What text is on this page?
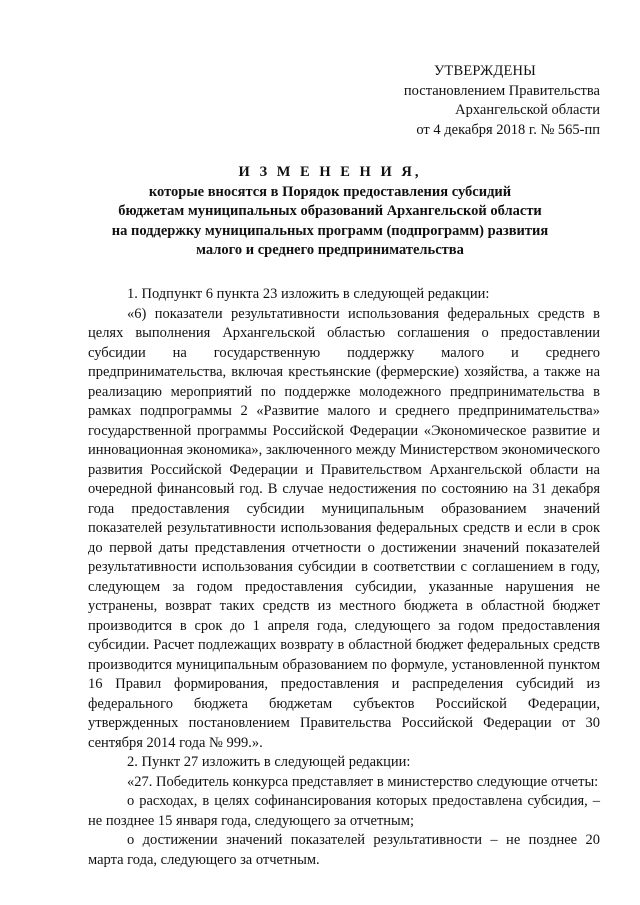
УТВЕРЖДЕНЫ
постановлением Правительства
Архангельской области
от 4 декабря 2018 г. № 565-пп
И З М Е Н Е Н И Я,
которые вносятся в Порядок предоставления субсидий
бюджетам муниципальных образований Архангельской области
на поддержку муниципальных программ (подпрограмм) развития
малого и среднего предпринимательства

1. Подпункт 6 пункта 23 изложить в следующей редакции:

«6) показатели результативности использования федеральных средств в целях выполнения Архангельской областью соглашения о предоставлении субсидии на государственную поддержку малого и среднего предпринимательства, включая крестьянские (фермерские) хозяйства, а также на реализацию мероприятий по поддержке молодежного предпринимательства в рамках подпрограммы 2 «Развитие малого и среднего предпринимательства» государственной программы Российской Федерации «Экономическое развитие и инновационная экономика», заключенного между Министерством экономического развития Российской Федерации и Правительством Архангельской области на очередной финансовый год. В случае недостижения по состоянию на 31 декабря года предоставления субсидии муниципальным образованием значений показателей результативности использования федеральных средств и если в срок до первой даты представления отчетности о достижении значений показателей результативности использования субсидии в соответствии с соглашением в году, следующем за годом предоставления субсидии, указанные нарушения не устранены, возврат таких средств из местного бюджета в областной бюджет производится в срок до 1 апреля года, следующего за годом предоставления субсидии. Расчет подлежащих возврату в областной бюджет федеральных средств производится муниципальным образованием по формуле, установленной пунктом 16 Правил формирования, предоставления и распределения субсидий из федерального бюджета бюджетам субъектов Российской Федерации, утвержденных постановлением Правительства Российской Федерации от 30 сентября 2014 года № 999.».

2. Пункт 27 изложить в следующей редакции:

«27. Победитель конкурса представляет в министерство следующие отчеты:

о расходах, в целях софинансирования которых предоставлена субсидия, – не позднее 15 января года, следующего за отчетным;

о достижении значений показателей результативности – не позднее 20 марта года, следующего за отчетным.
